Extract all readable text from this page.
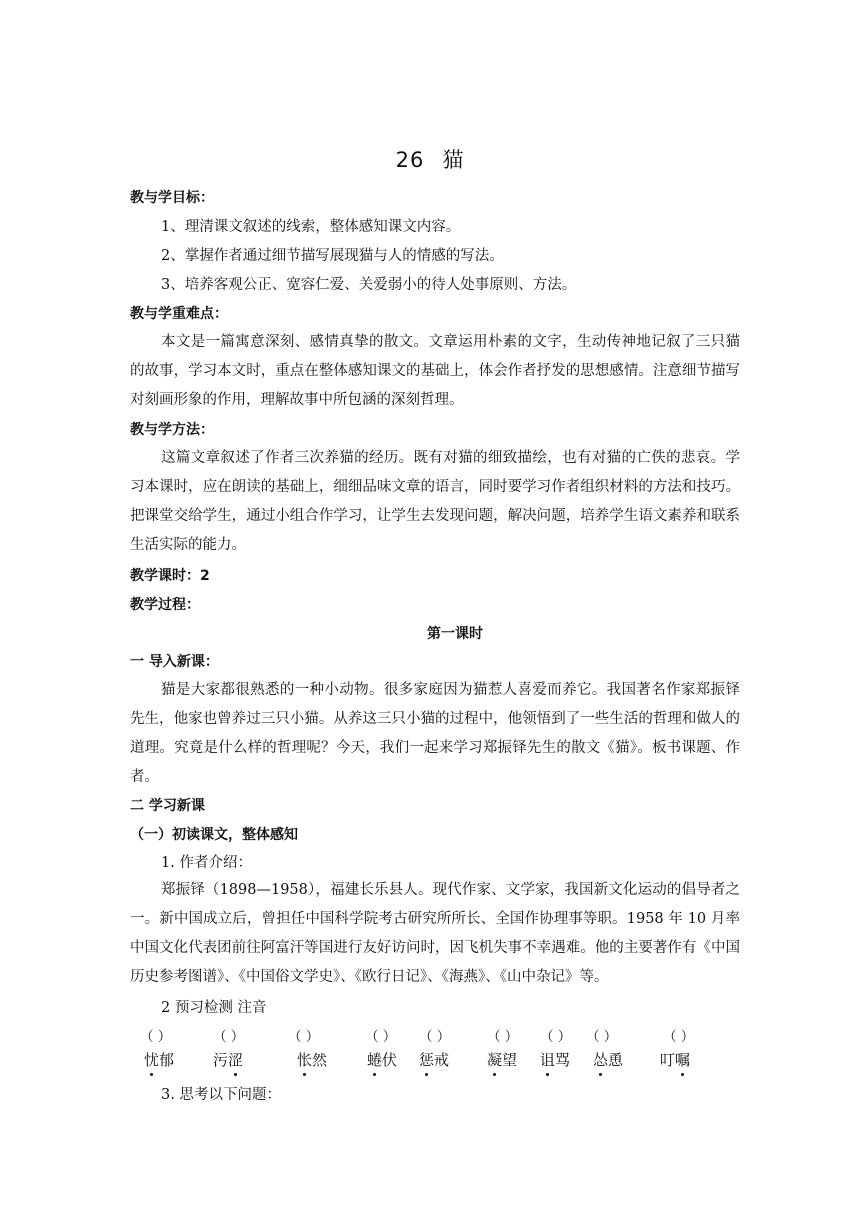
26 猫
教与学目标：
1、理清课文叙述的线索，整体感知课文内容。
2、掌握作者通过细节描写展现猫与人的情感的写法。
3、培养客观公正、宽容仁爱、关爱弱小的待人处事原则、方法。
教与学重难点：
本文是一篇寓意深刻、感情真挚的散文。文章运用朴素的文字，生动传神地记叙了三只猫的故事，学习本文时，重点在整体感知课文的基础上，体会作者抒发的思想感情。注意细节描写对刻画形象的作用，理解故事中所包涵的深刻哲理。
教与学方法：
这篇文章叙述了作者三次养猫的经历。既有对猫的细致描绘，也有对猫的亡佚的悲哀。学习本课时，应在朗读的基础上，细细品味文章的语言，同时要学习作者组织材料的方法和技巧。把课堂交给学生，通过小组合作学习，让学生去发现问题，解决问题，培养学生语文素养和联系生活实际的能力。
教学课时：2
教学过程：
第一课时
一 导入新课：
猫是大家都很熟悉的一种小动物。很多家庭因为猫惹人喜爱而养它。我国著名作家郑振铎先生，他家也曾养过三只小猫。从养这三只小猫的过程中，他领悟到了一些生活的哲理和做人的道理。究竟是什么样的哲理呢？今天，我们一起来学习郑振铎先生的散文《猫》。板书课题、作者。
二 学习新课
（一）初读课文，整体感知
1. 作者介绍：
郑振铎（1898—1958），福建长乐县人。现代作家、文学家，我国新文化运动的倡导者之一。新中国成立后，曾担任中国科学院考古研究所所长、全国作协理事等职。1958 年 10 月率中国文化代表团前往阿富汗等国进行友好访问时，因飞机失事不幸遇难。他的主要著作有《中国历史参考图谱》、《中国俗文学史》、《欧行日记》、《海燕》、《山中杂记》等。
2 预习检测 注音
（ ）	（ ）	（ ）	（ ） （ ）	（ ） （ ） （ ）	（ ）
忧郁	污涩	怅然	蜷伏 惩戒	凝望 诅骂 怂恿 叮嘱
3. 思考以下问题：
